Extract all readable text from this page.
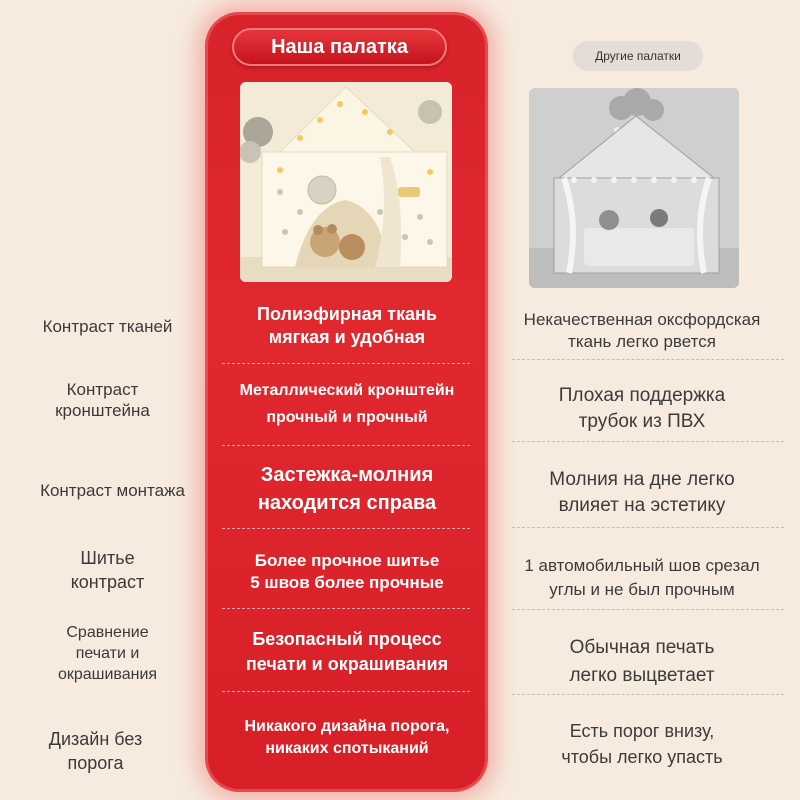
Наша палатка	Другие палатки
Контраст тканей
Полиэфирная ткань
мягкая и удобная
Некачественная оксфордская
ткань легко рвется
Контраст
кронштейна
Металлический кронштейн
прочный и прочный
Плохая поддержка
трубок из ПВХ
Контраст монтажа
Застежка-молния
находится справа
Молния на дне легко
влияет на эстетику
Шитье
контраст
Более прочное шитье
5 швов более прочные
1 автомобильный шов срезал
углы и не был прочным
Сравнение
печати и
окрашивания
Безопасный процесс
печати и окрашивания
Обычная печать
легко выцветает
Дизайн без
порога
Никакого дизайна порога,
никаких спотыканий
Есть порог внизу,
чтобы легко упасть
